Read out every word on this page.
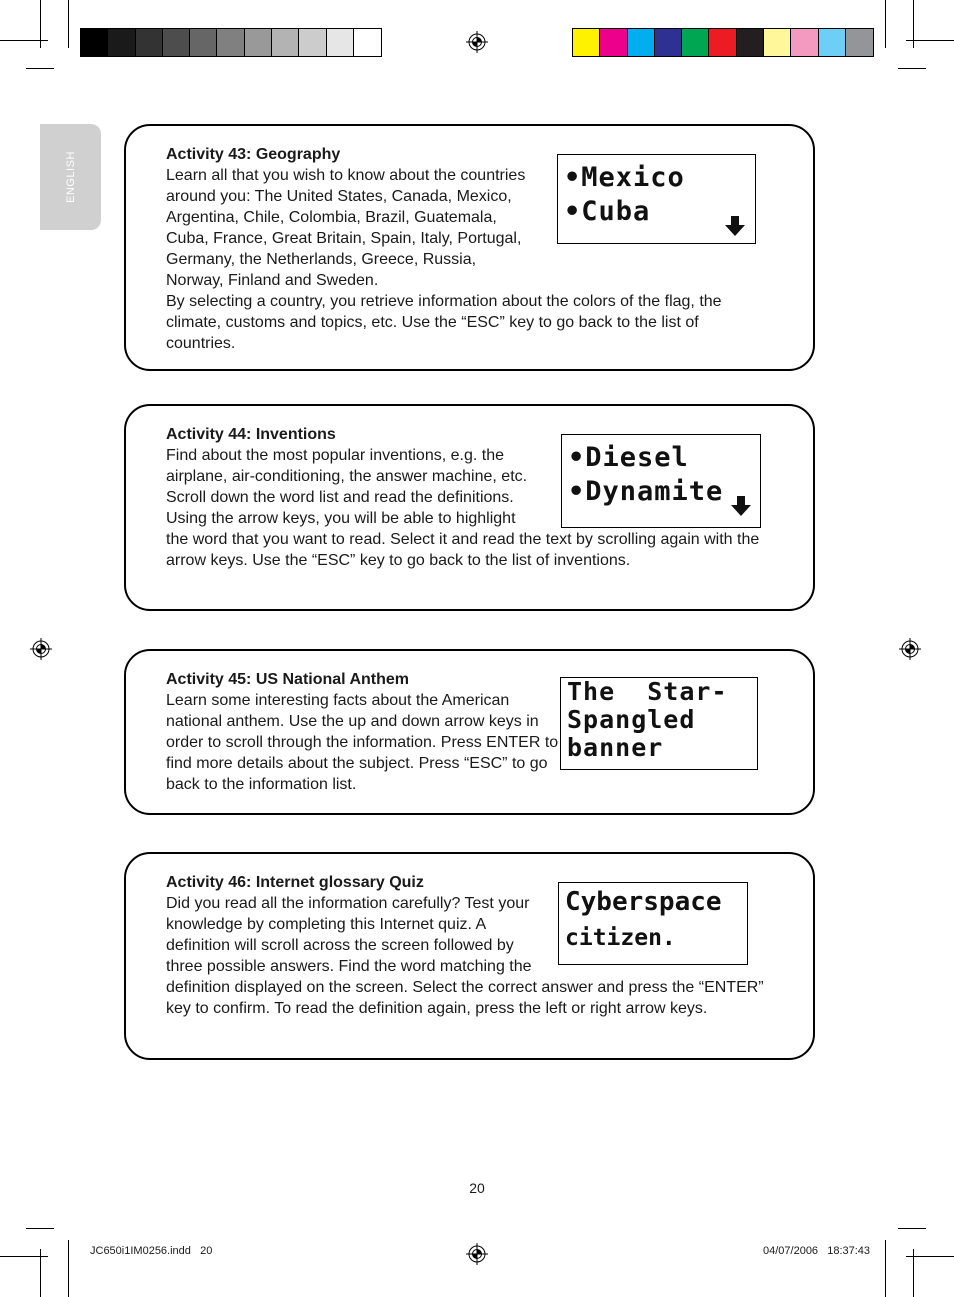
ENGLISH	Activity 43: Geography

Learn all that you wish to know about the countries around you: The United States, Canada, Mexico, Argentina, Chile, Colombia, Brazil, Guatemala, Cuba, France, Great Britain, Spain, Italy, Portugal, Germany, the Netherlands, Greece, Russia, Norway, Finland and Sweden.

By selecting a country, you retrieve information about the colors of the flag, the climate, customs and topics, etc. Use the “ESC” key to go back to the list of countries.

•Mexico
•Cuba
Activity 44: Inventions

Find about the most popular inventions, e.g. the airplane, air-conditioning, the answer machine, etc. Scroll down the word list and read the definitions.

Using the arrow keys, you will be able to highlight the word that you want to read. Select it and read the text by scrolling again with the arrow keys. Use the “ESC” key to go back to the list of inventions.

•Diesel
•Dynamite
Activity 45: US National Anthem

Learn some interesting facts about the American national anthem. Use the up and down arrow keys in order to scroll through the information. Press ENTER to find more details about the subject. Press “ESC” to go back to the information list.

The  Star-
Spangled
banner
Activity 46: Internet glossary Quiz

Did you read all the information carefully? Test your knowledge by completing this Internet quiz. A definition will scroll across the screen followed by three possible answers. Find the word matching the definition displayed on the screen. Select the correct answer and press the “ENTER” key to confirm. To read the definition again, press the left or right arrow keys.

Cyberspace
citizen.
20
JC650i1IM0256.indd   20	04/07/2006   18:37:43
